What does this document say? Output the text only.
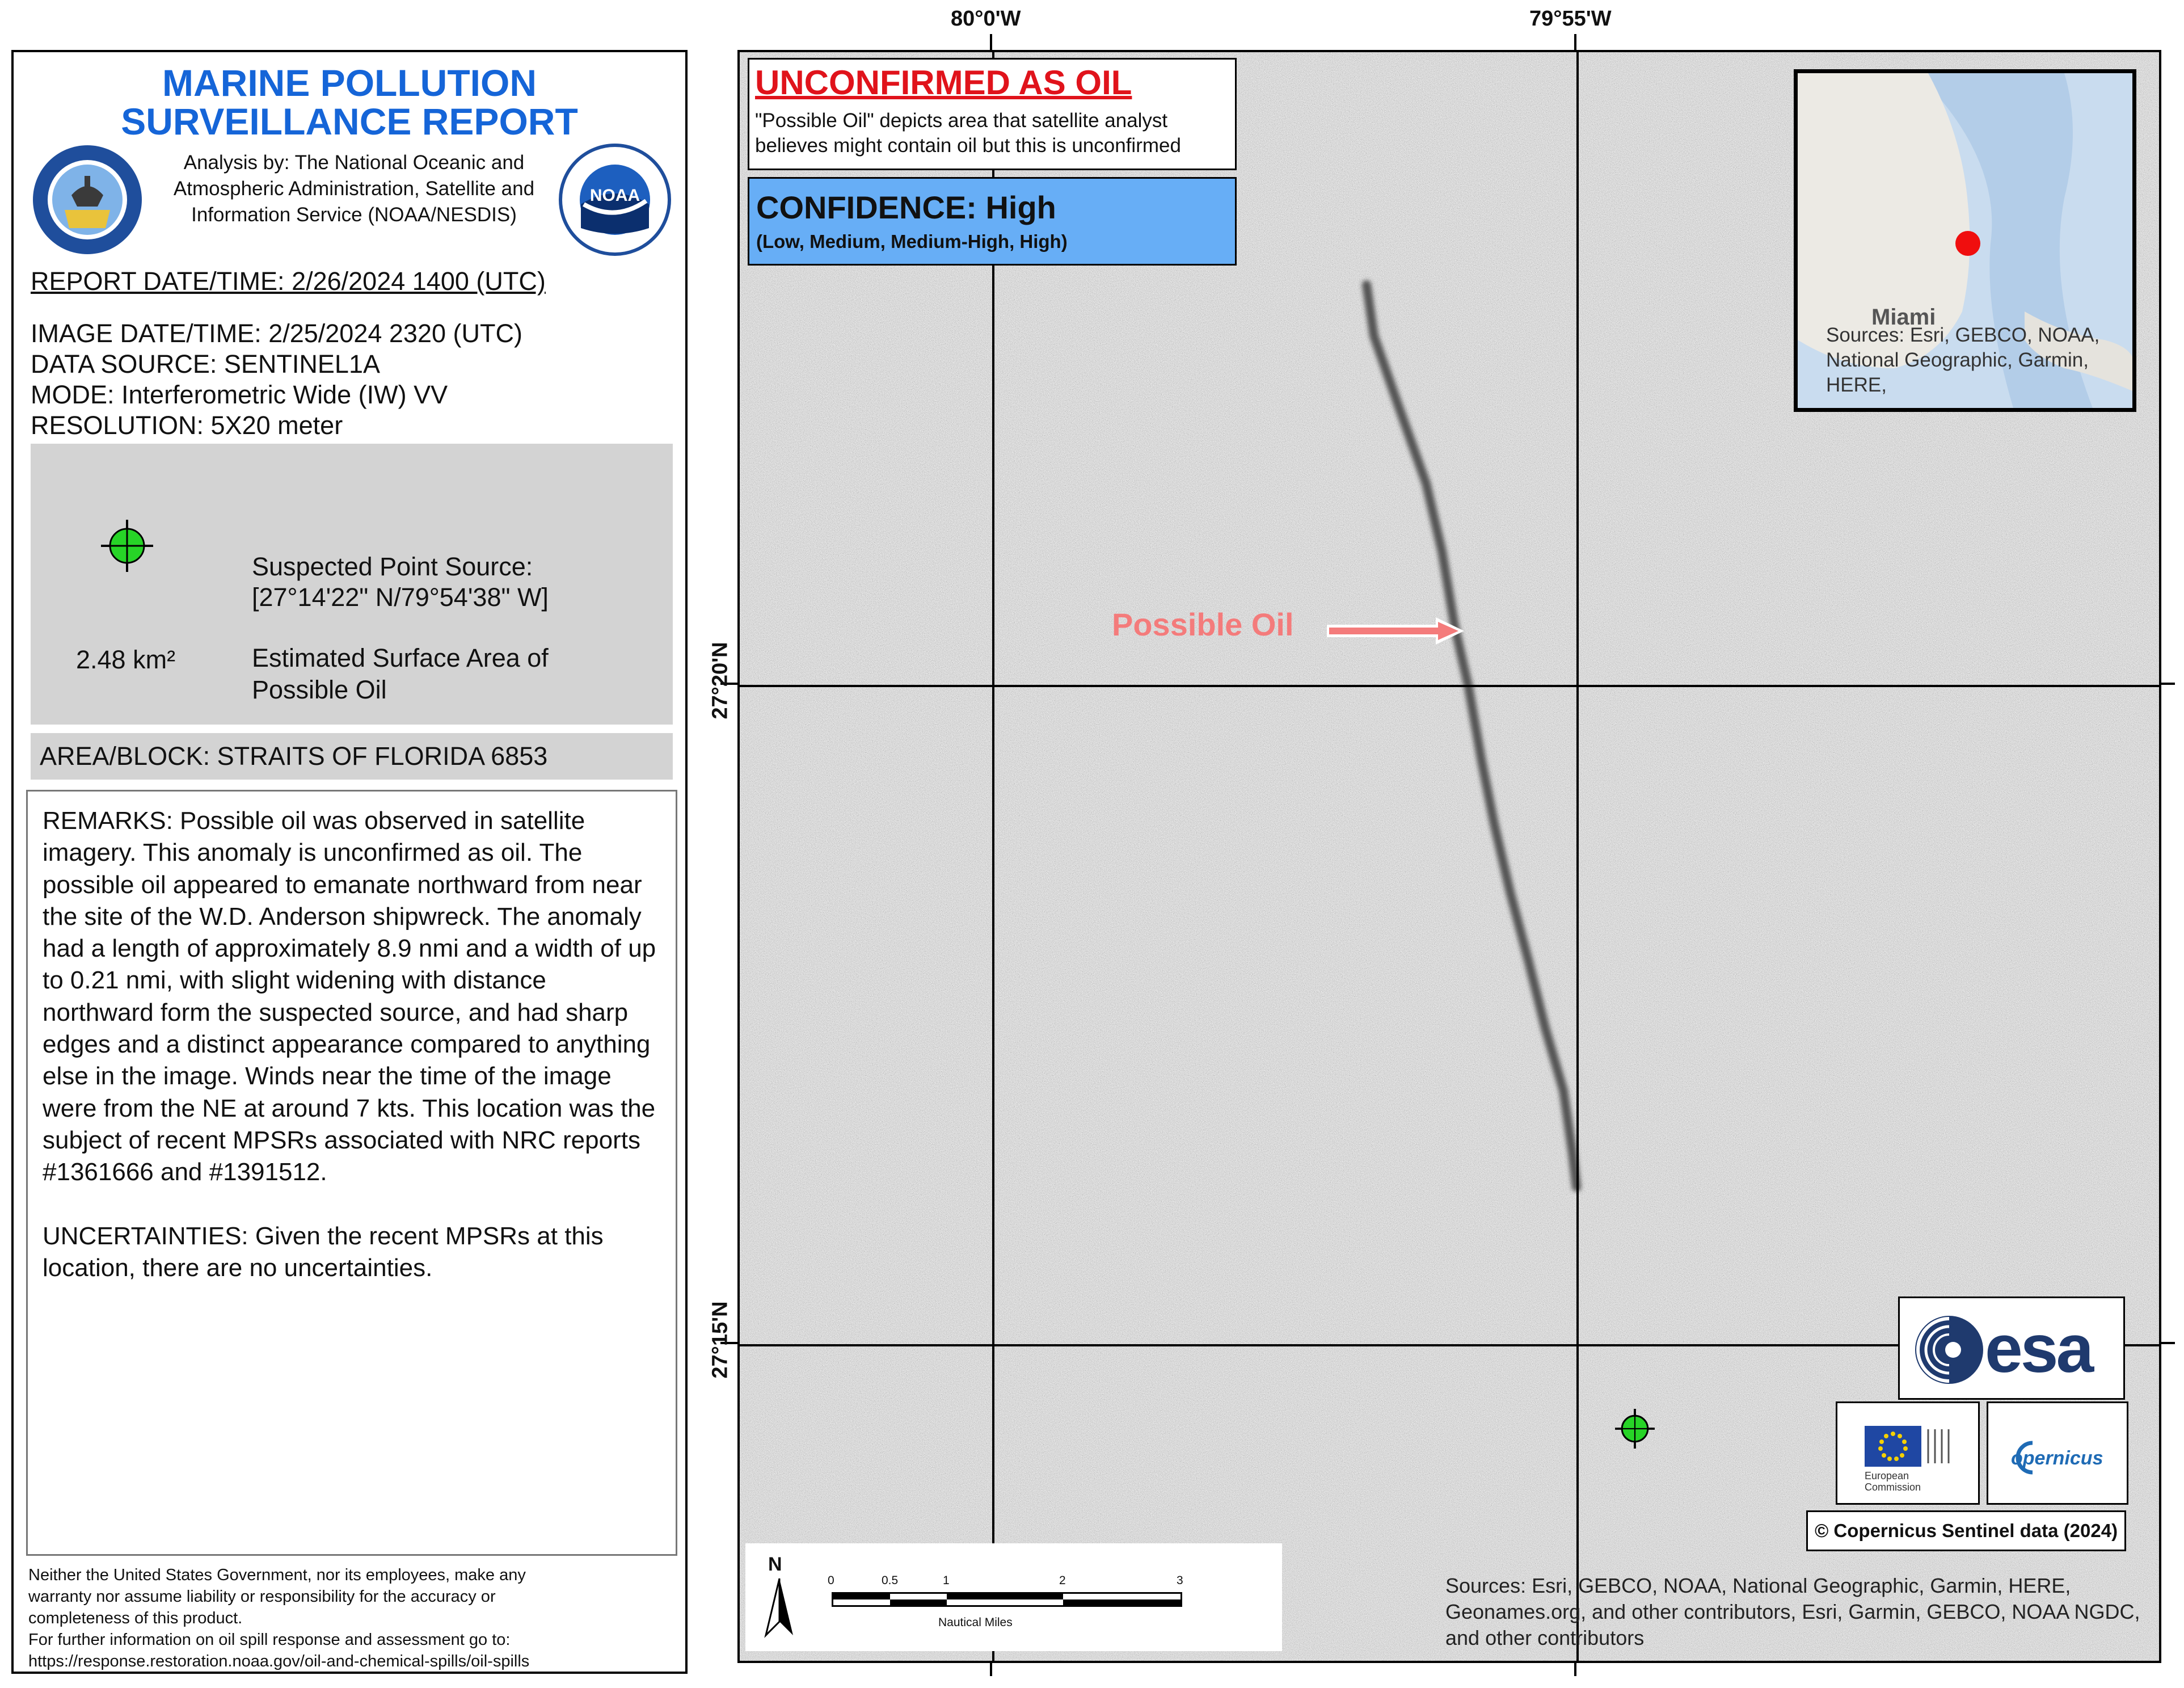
MARINE POLLUTION
SURVEILLANCE REPORT
Analysis by: The National Oceanic and Atmospheric Administration, Satellite and Information Service (NOAA/NESDIS)
NOAA
REPORT DATE/TIME: 2/26/2024 1400 (UTC)
IMAGE DATE/TIME: 2/25/2024 2320 (UTC)
DATA SOURCE: SENTINEL1A
MODE: Interferometric Wide (IW) VV
RESOLUTION: 5X20 meter
Suspected Point Source:
[27°14'22" N/79°54'38" W]
2.48 km²	Estimated Surface Area of
Possible Oil
AREA/BLOCK: STRAITS OF FLORIDA 6853

REMARKS: Possible oil was observed in satellite imagery. This anomaly is unconfirmed as oil. The possible oil appeared to emanate northward from near the site of the W.D. Anderson shipwreck. The anomaly had a length of approximately 8.9 nmi and a width of up to 0.21 nmi, with slight widening with distance northward form the suspected source, and had sharp edges and a distinct appearance compared to anything else in the image. Winds near the time of the image were from the NE at around 7 kts. This location was the subject of recent MPSRs associated with NRC reports #1361666 and #1391512.

UNCERTAINTIES: Given the recent MPSRs at this location, there are no uncertainties.

Neither the United States Government, nor its employees, make any
warranty nor assume liability or responsibility for the accuracy or
completeness of this product.
For further information on oil spill response and assessment go to:
https://response.restoration.noaa.gov/oil-and-chemical-spills/oil-spills
80°0'W	79°55'W
27°20'N
27°15'N
UNCONFIRMED AS OIL
"Possible Oil" depicts area that satellite analyst
believes might contain oil but this is unconfirmed
CONFIDENCE: High
(Low, Medium, Medium-High, High)
Miami
Sources: Esri, GEBCO, NOAA, National Geographic, Garmin, HERE,
Possible Oil
esa
European
Commission
opernicus
© Copernicus Sentinel data (2024)
N
0	0.5	1	2	3
Nautical Miles
Sources: Esri, GEBCO, NOAA, National Geographic, Garmin, HERE, Geonames.org, and other contributors, Esri, Garmin, GEBCO, NOAA NGDC, and other contributors
